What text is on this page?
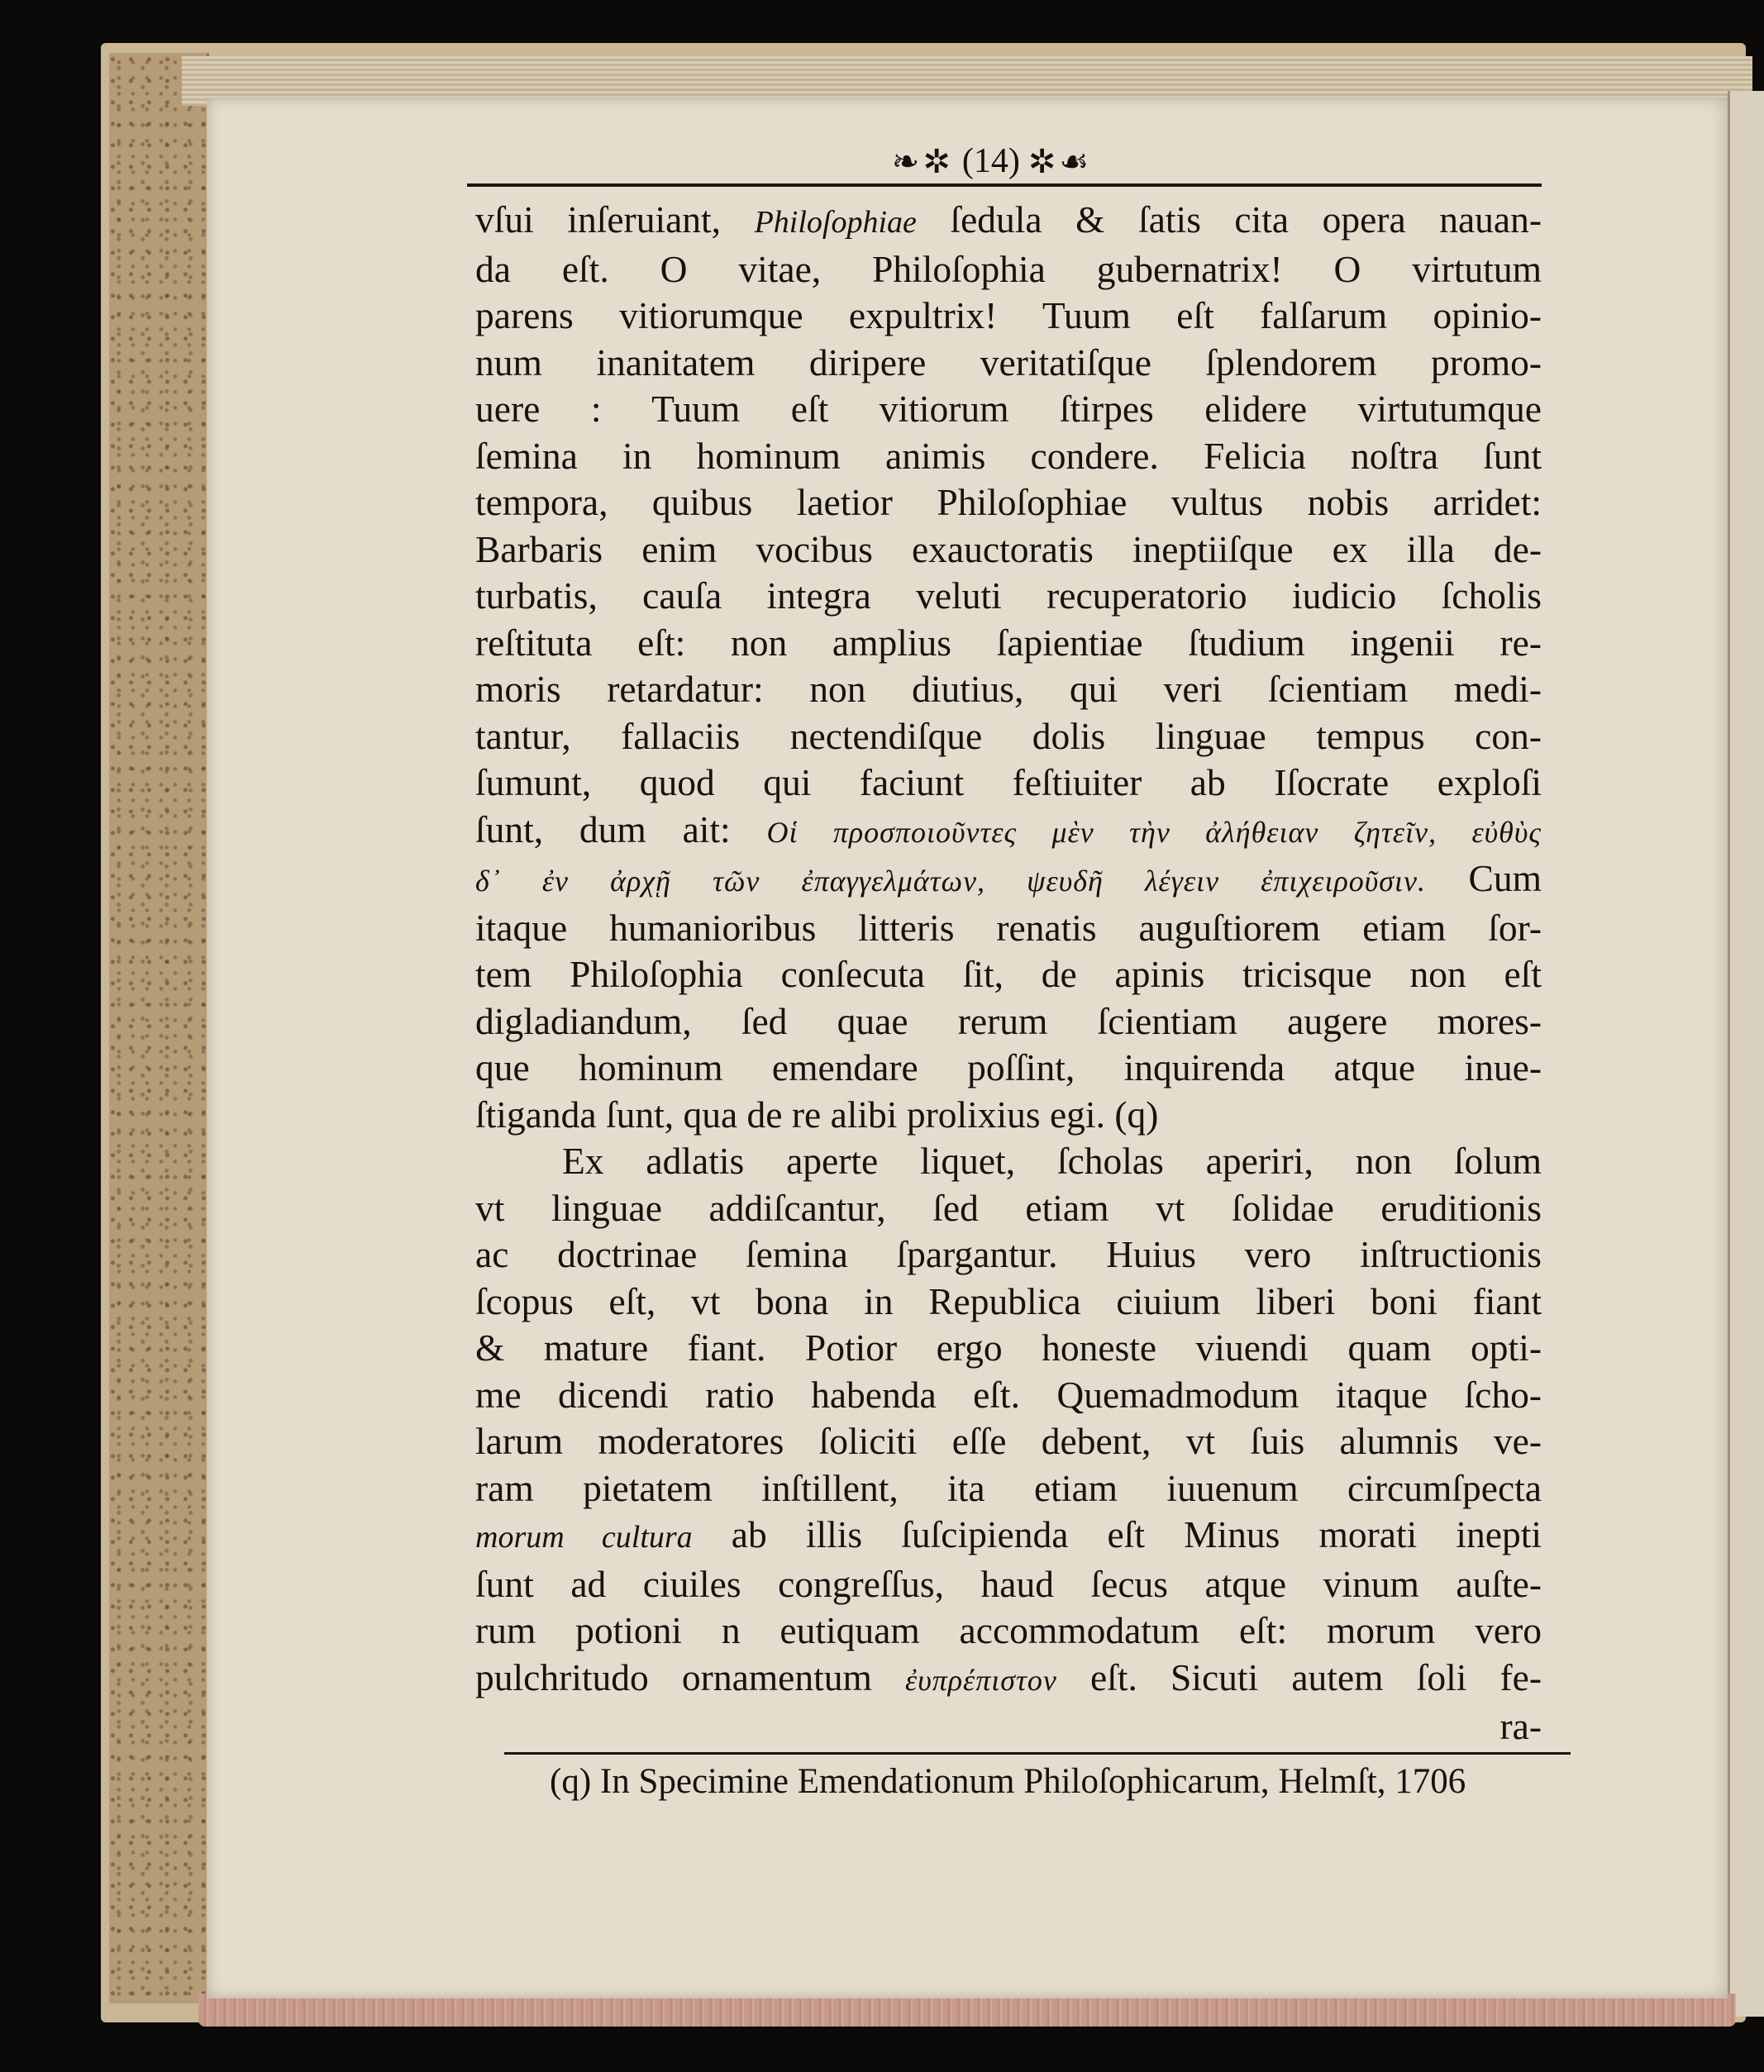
❧✲ (14) ✲☙
vſui inſeruiant, Philoſophiae ſedula & ſatis cita opera nauan-
da eſt. O vitae, Philoſophia gubernatrix! O virtutum
parens vitiorumque expultrix! Tuum eſt falſarum opinio-
num inanitatem diripere veritatiſque ſplendorem promo-
uere : Tuum eſt vitiorum ſtirpes elidere virtutumque
ſemina in hominum animis condere. Felicia noſtra ſunt
tempora, quibus laetior Philoſophiae vultus nobis arridet:
Barbaris enim vocibus exauctoratis ineptiiſque ex illa de-
turbatis, cauſa integra veluti recuperatorio iudicio ſcholis
reſtituta eſt: non amplius ſapientiae ſtudium ingenii re-
moris retardatur: non diutius, qui veri ſcientiam medi-
tantur, fallaciis nectendiſque dolis linguae tempus con-
ſumunt, quod qui faciunt feſtiuiter ab Iſocrate exploſi
ſunt, dum ait: Οἱ προσποιοῦντες μὲν τὴν ἀλήθειαν ζητεῖν, εὐθὺς
δ᾽ ἐν ἀρχῇ τῶν ἐπαγγελμάτων, ψευδῆ λέγειν ἐπιχειροῦσιν. Cum
itaque humanioribus litteris renatis auguſtiorem etiam ſor-
tem Philoſophia conſecuta ſit, de apinis tricisque non eſt
digladiandum, ſed quae rerum ſcientiam augere mores-
que hominum emendare poſſint, inquirenda atque inue-
ſtiganda ſunt, qua de re alibi prolixius egi. (q)
Ex adlatis aperte liquet, ſcholas aperiri, non ſolum
vt linguae addiſcantur, ſed etiam vt ſolidae eruditionis
ac doctrinae ſemina ſpargantur. Huius vero inſtructionis
ſcopus eſt, vt bona in Republica ciuium liberi boni fiant
& mature fiant. Potior ergo honeste viuendi quam opti-
me dicendi ratio habenda eſt. Quemadmodum itaque ſcho-
larum moderatores ſoliciti eſſe debent, vt ſuis alumnis ve-
ram pietatem inſtillent, ita etiam iuuenum circumſpecta
morum cultura ab illis ſuſcipienda eſt Minus morati inepti
ſunt ad ciuiles congreſſus, haud ſecus atque vinum auſte-
rum potioni n eutiquam accommodatum eſt: morum vero
pulchritudo ornamentum ἐυπρέπιστον eſt. Sicuti autem ſoli fe-
ra-
(q) In Specimine Emendationum Philoſophicarum, Helmſt, 1706
